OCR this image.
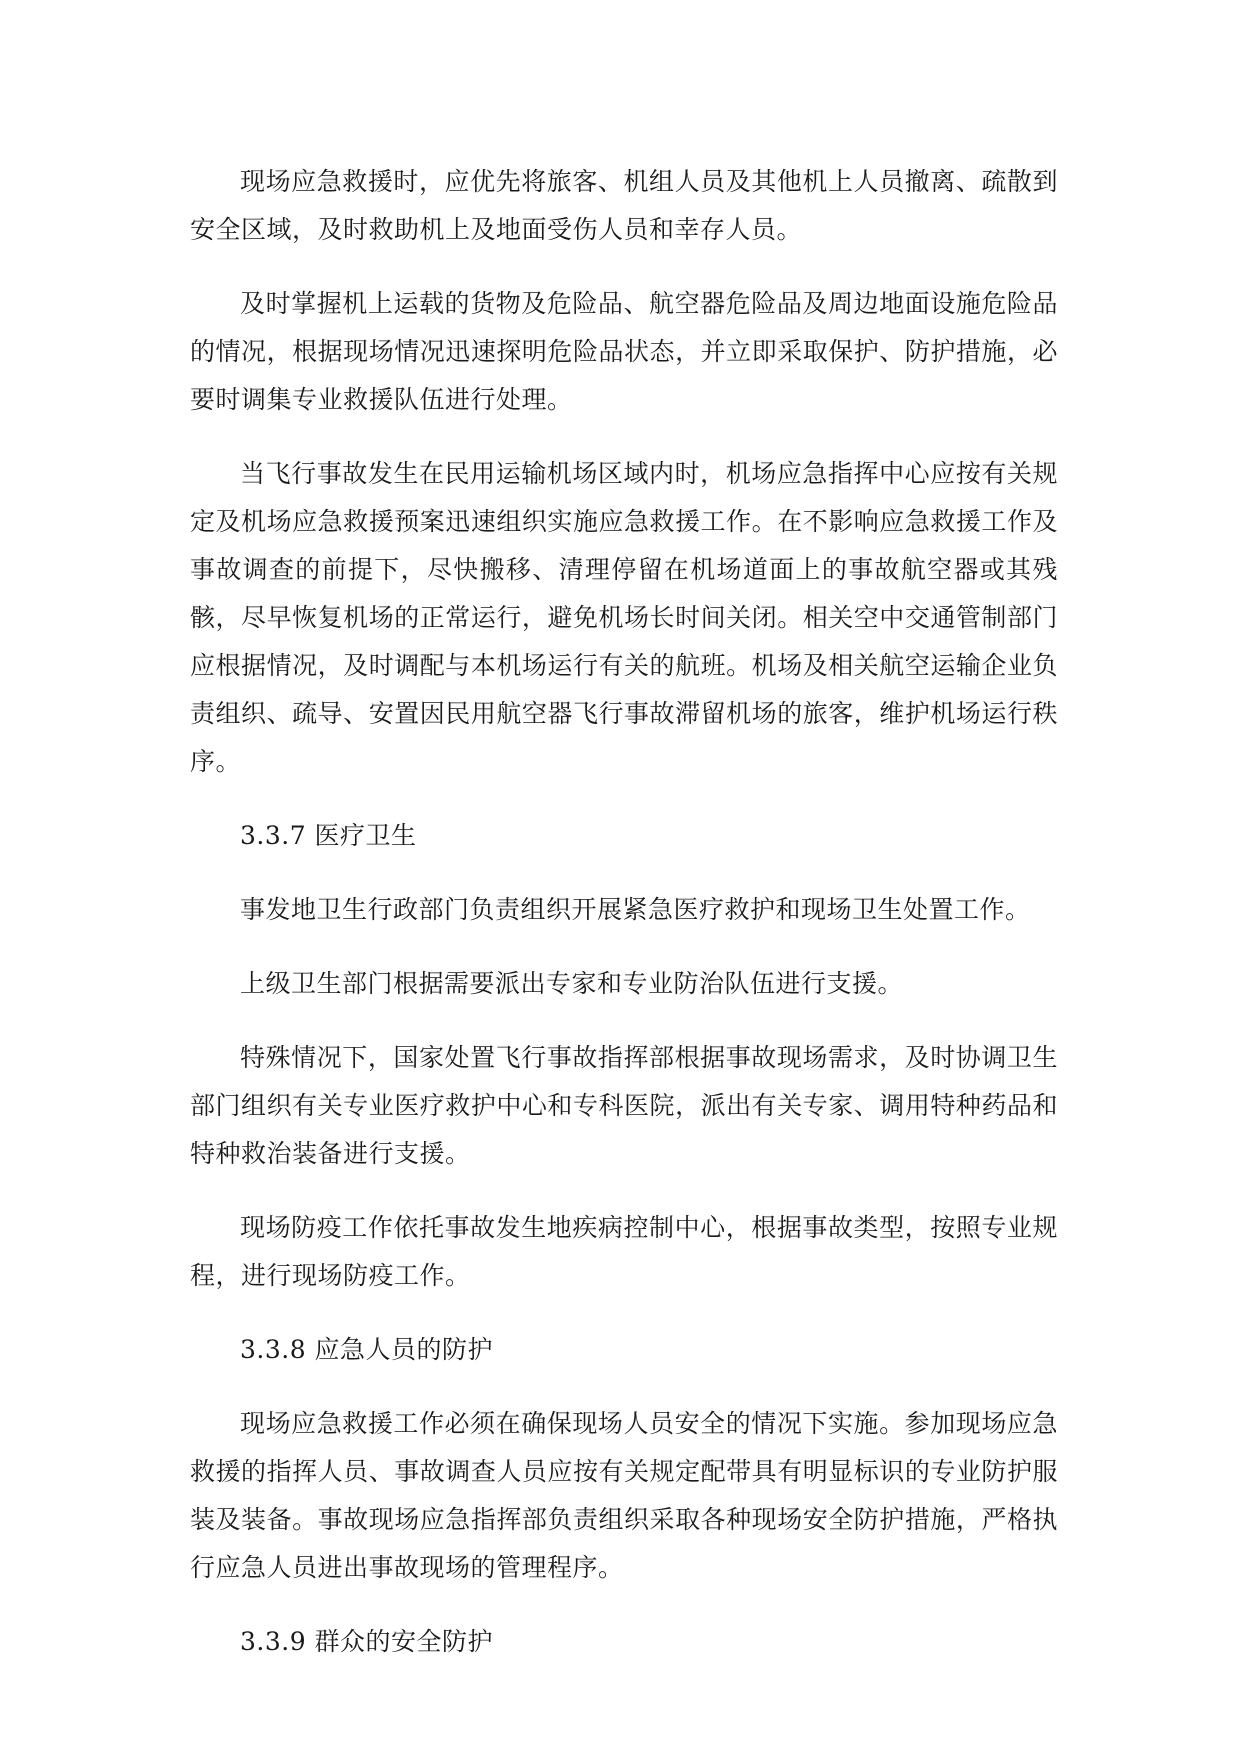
现场应急救援时，应优先将旅客、机组人员及其他机上人员撤离、疏散到安全区域，及时救助机上及地面受伤人员和幸存人员。

及时掌握机上运载的货物及危险品、航空器危险品及周边地面设施危险品的情况，根据现场情况迅速探明危险品状态，并立即采取保护、防护措施，必要时调集专业救援队伍进行处理。

当飞行事故发生在民用运输机场区域内时，机场应急指挥中心应按有关规定及机场应急救援预案迅速组织实施应急救援工作。在不影响应急救援工作及事故调查的前提下，尽快搬移、清理停留在机场道面上的事故航空器或其残骸，尽早恢复机场的正常运行，避免机场长时间关闭。相关空中交通管制部门应根据情况，及时调配与本机场运行有关的航班。机场及相关航空运输企业负责组织、疏导、安置因民用航空器飞行事故滞留机场的旅客，维护机场运行秩序。

3.3.7 医疗卫生

事发地卫生行政部门负责组织开展紧急医疗救护和现场卫生处置工作。

上级卫生部门根据需要派出专家和专业防治队伍进行支援。

特殊情况下，国家处置飞行事故指挥部根据事故现场需求，及时协调卫生部门组织有关专业医疗救护中心和专科医院，派出有关专家、调用特种药品和特种救治装备进行支援。

现场防疫工作依托事故发生地疾病控制中心，根据事故类型，按照专业规程，进行现场防疫工作。

3.3.8 应急人员的防护

现场应急救援工作必须在确保现场人员安全的情况下实施。参加现场应急救援的指挥人员、事故调查人员应按有关规定配带具有明显标识的专业防护服装及装备。事故现场应急指挥部负责组织采取各种现场安全防护措施，严格执行应急人员进出事故现场的管理程序。

3.3.9 群众的安全防护
